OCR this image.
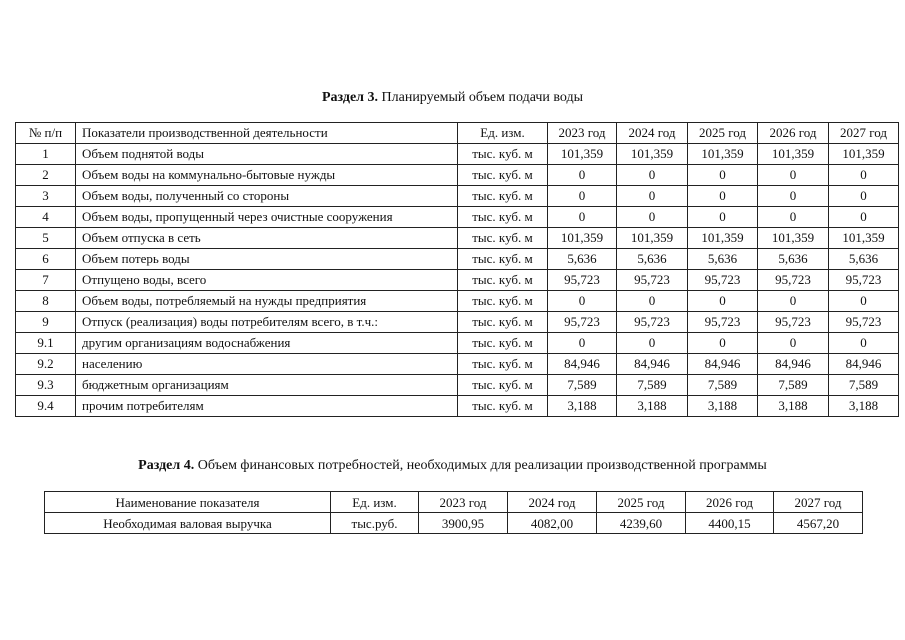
Раздел 3. Планируемый объем подачи воды
№ п/п	Показатели производственной деятельности	Ед. изм.	2023 год	2024 год	2025 год	2026 год	2027 год
1	Объем поднятой воды	тыс. куб. м	101,359	101,359	101,359	101,359	101,359
2	Объем воды на коммунально-бытовые нужды	тыс. куб. м	0	0	0	0	0
3	Объем воды, полученный со стороны	тыс. куб. м	0	0	0	0	0
4	Объем воды, пропущенный через очистные сооружения	тыс. куб. м	0	0	0	0	0
5	Объем отпуска в сеть	тыс. куб. м	101,359	101,359	101,359	101,359	101,359
6	Объем потерь воды	тыс. куб. м	5,636	5,636	5,636	5,636	5,636
7	Отпущено воды, всего	тыс. куб. м	95,723	95,723	95,723	95,723	95,723
8	Объем воды, потребляемый на нужды предприятия	тыс. куб. м	0	0	0	0	0
9	Отпуск (реализация) воды потребителям всего, в т.ч.:	тыс. куб. м	95,723	95,723	95,723	95,723	95,723
9.1	другим организациям водоснабжения	тыс. куб. м	0	0	0	0	0
9.2	населению	тыс. куб. м	84,946	84,946	84,946	84,946	84,946
9.3	бюджетным организациям	тыс. куб. м	7,589	7,589	7,589	7,589	7,589
9.4	прочим потребителям	тыс. куб. м	3,188	3,188	3,188	3,188	3,188
Раздел 4. Объем финансовых потребностей, необходимых для реализации производственной программы
Наименование показателя	Ед. изм.	2023 год	2024 год	2025 год	2026 год	2027 год
Необходимая валовая выручка	тыс.руб.	3900,95	4082,00	4239,60	4400,15	4567,20
